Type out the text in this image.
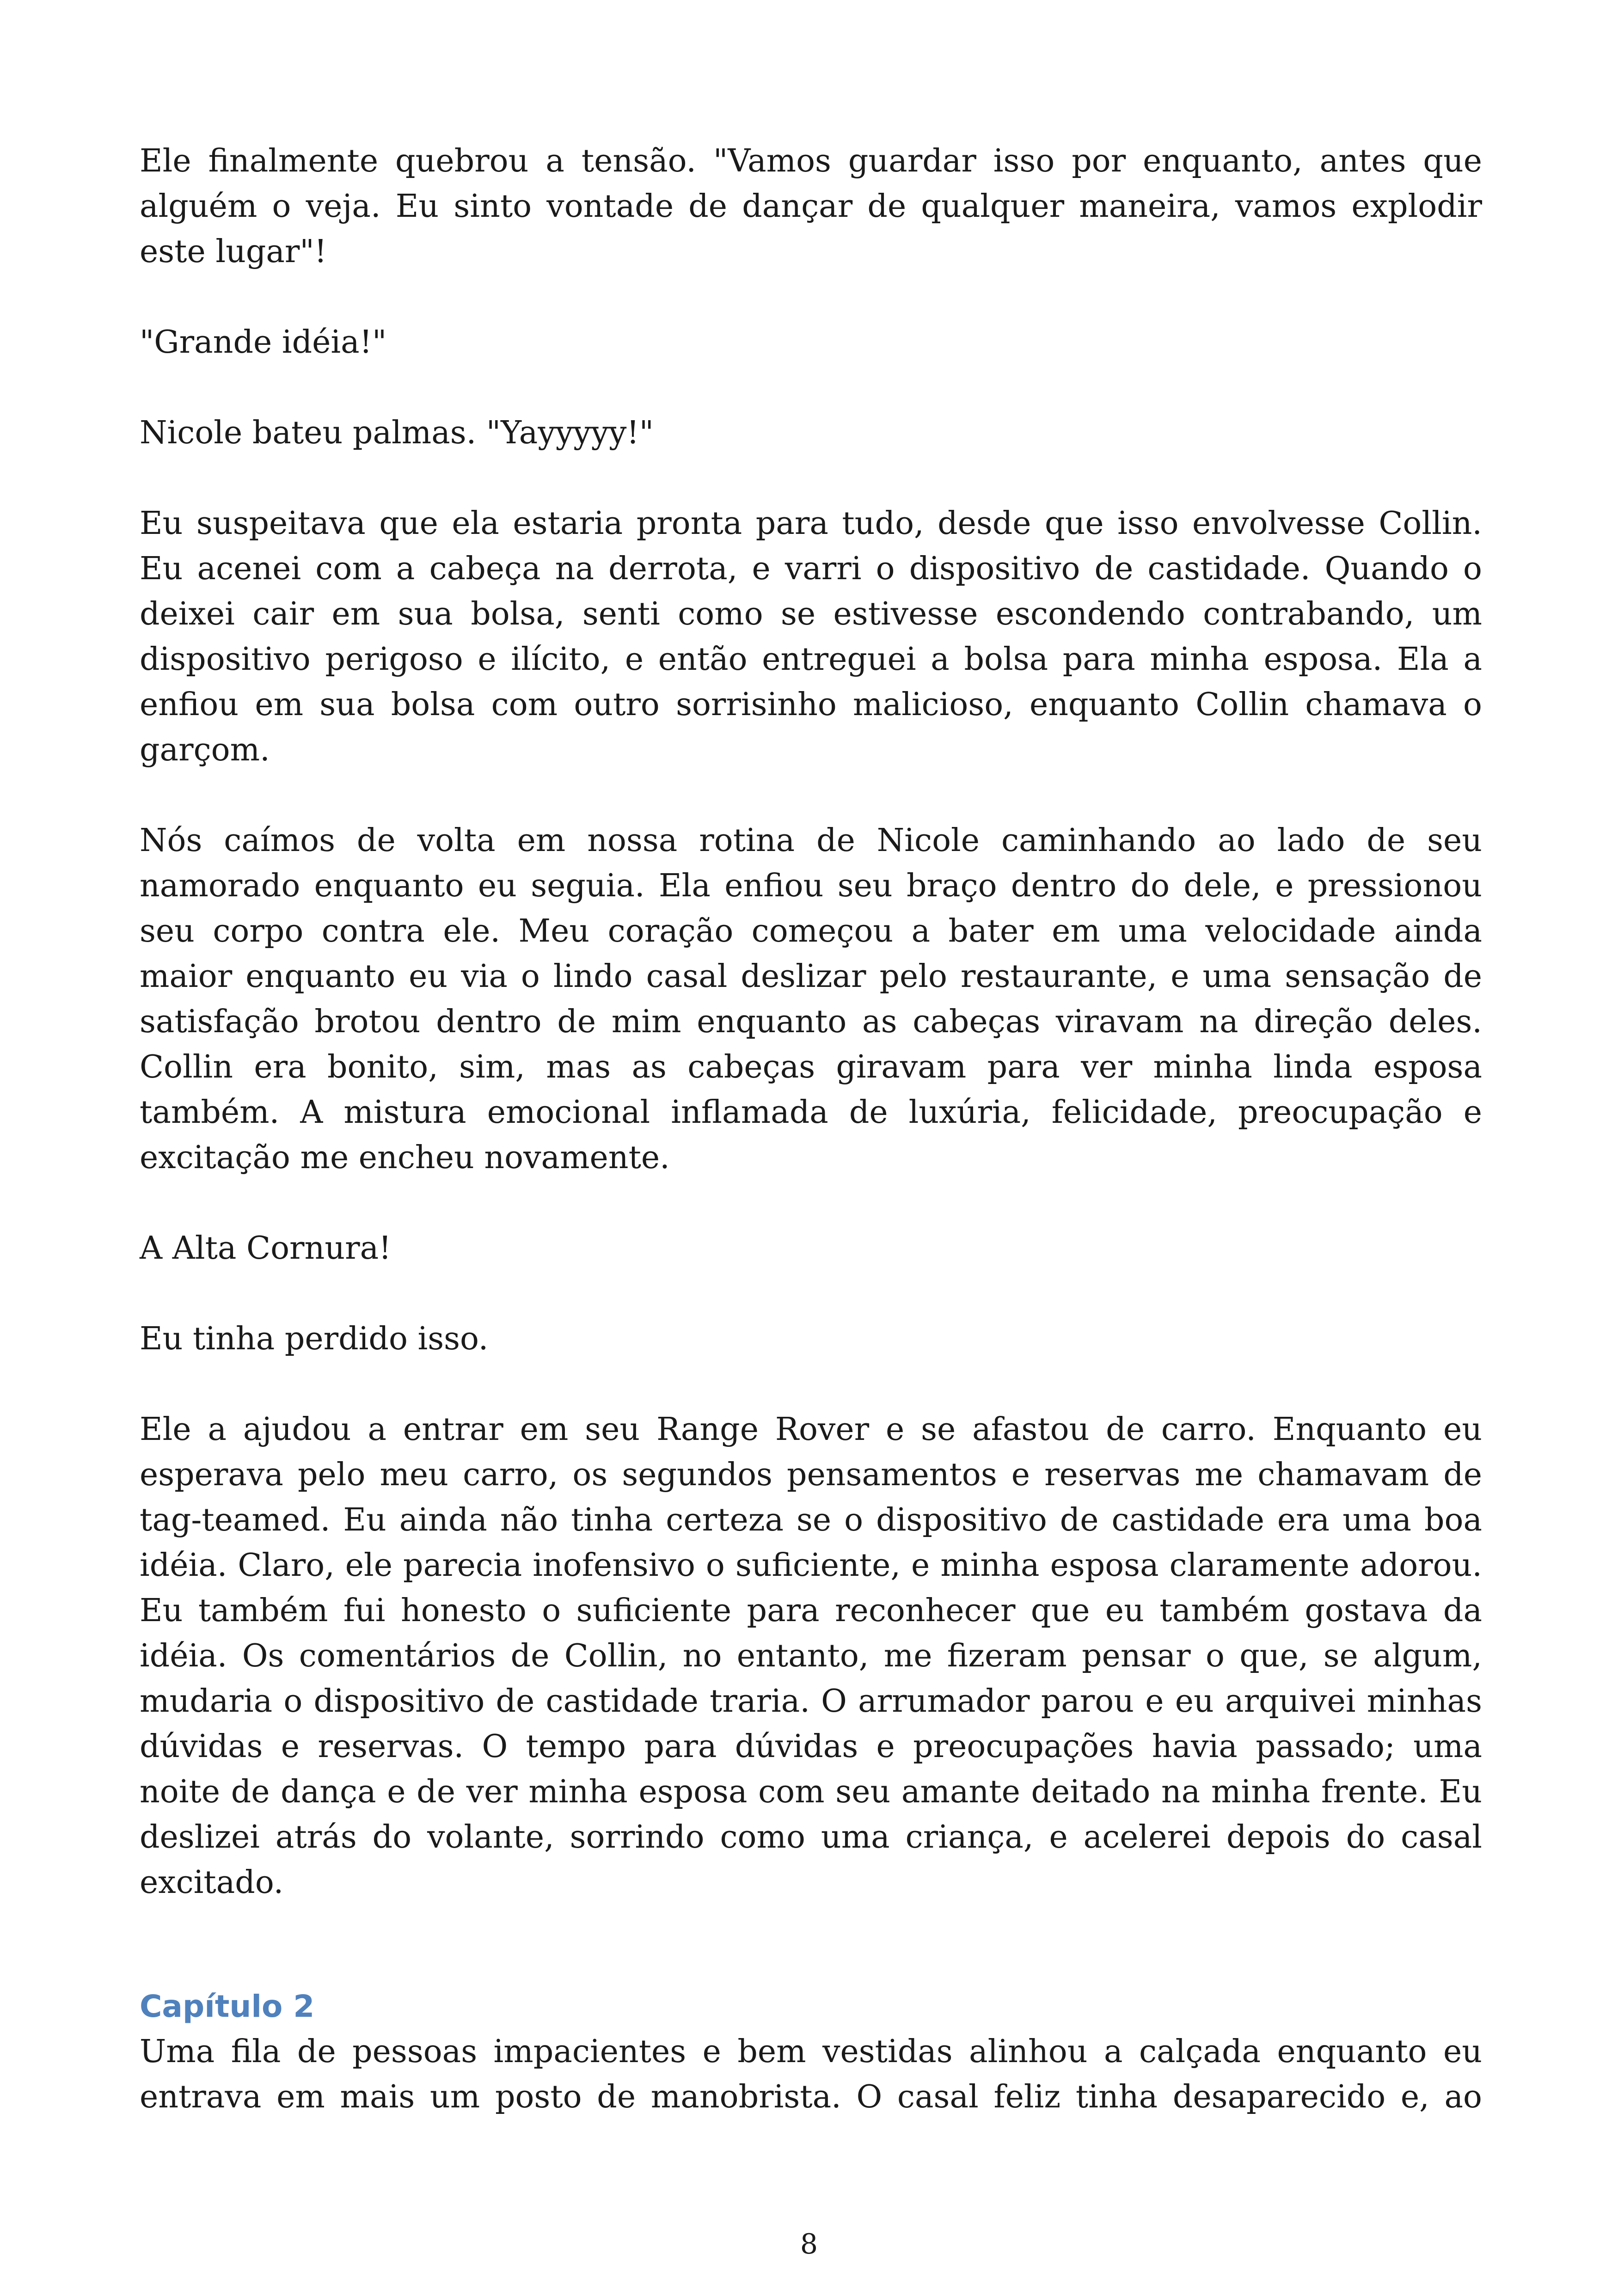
Ele finalmente quebrou a tensão. "Vamos guardar isso por enquanto, antes que alguém o veja. Eu sinto vontade de dançar de qualquer maneira, vamos explodir este lugar"!

"Grande idéia!"

Nicole bateu palmas. "Yayyyyy!"

Eu suspeitava que ela estaria pronta para tudo, desde que isso envolvesse Collin. Eu acenei com a cabeça na derrota, e varri o dispositivo de castidade. Quando o deixei cair em sua bolsa, senti como se estivesse escondendo contrabando, um dispositivo perigoso e ilícito, e então entreguei a bolsa para minha esposa. Ela a enfiou em sua bolsa com outro sorrisinho malicioso, enquanto Collin chamava o garçom.

Nós caímos de volta em nossa rotina de Nicole caminhando ao lado de seu namorado enquanto eu seguia. Ela enfiou seu braço dentro do dele, e pressionou seu corpo contra ele. Meu coração começou a bater em uma velocidade ainda maior enquanto eu via o lindo casal deslizar pelo restaurante, e uma sensação de satisfação brotou dentro de mim enquanto as cabeças viravam na direção deles. Collin era bonito, sim, mas as cabeças giravam para ver minha linda esposa também. A mistura emocional inflamada de luxúria, felicidade, preocupação e excitação me encheu novamente.

A Alta Cornura!

Eu tinha perdido isso.

Ele a ajudou a entrar em seu Range Rover e se afastou de carro. Enquanto eu esperava pelo meu carro, os segundos pensamentos e reservas me chamavam de tag-teamed. Eu ainda não tinha certeza se o dispositivo de castidade era uma boa idéia. Claro, ele parecia inofensivo o suficiente, e minha esposa claramente adorou. Eu também fui honesto o suficiente para reconhecer que eu também gostava da idéia. Os comentários de Collin, no entanto, me fizeram pensar o que, se algum, mudaria o dispositivo de castidade traria. O arrumador parou e eu arquivei minhas dúvidas e reservas. O tempo para dúvidas e preocupações havia passado; uma noite de dança e de ver minha esposa com seu amante deitado na minha frente. Eu deslizei atrás do volante, sorrindo como uma criança, e acelerei depois do casal excitado.

Capítulo 2

Uma fila de pessoas impacientes e bem vestidas alinhou a calçada enquanto eu entrava em mais um posto de manobrista. O casal feliz tinha desaparecido e, ao

8
